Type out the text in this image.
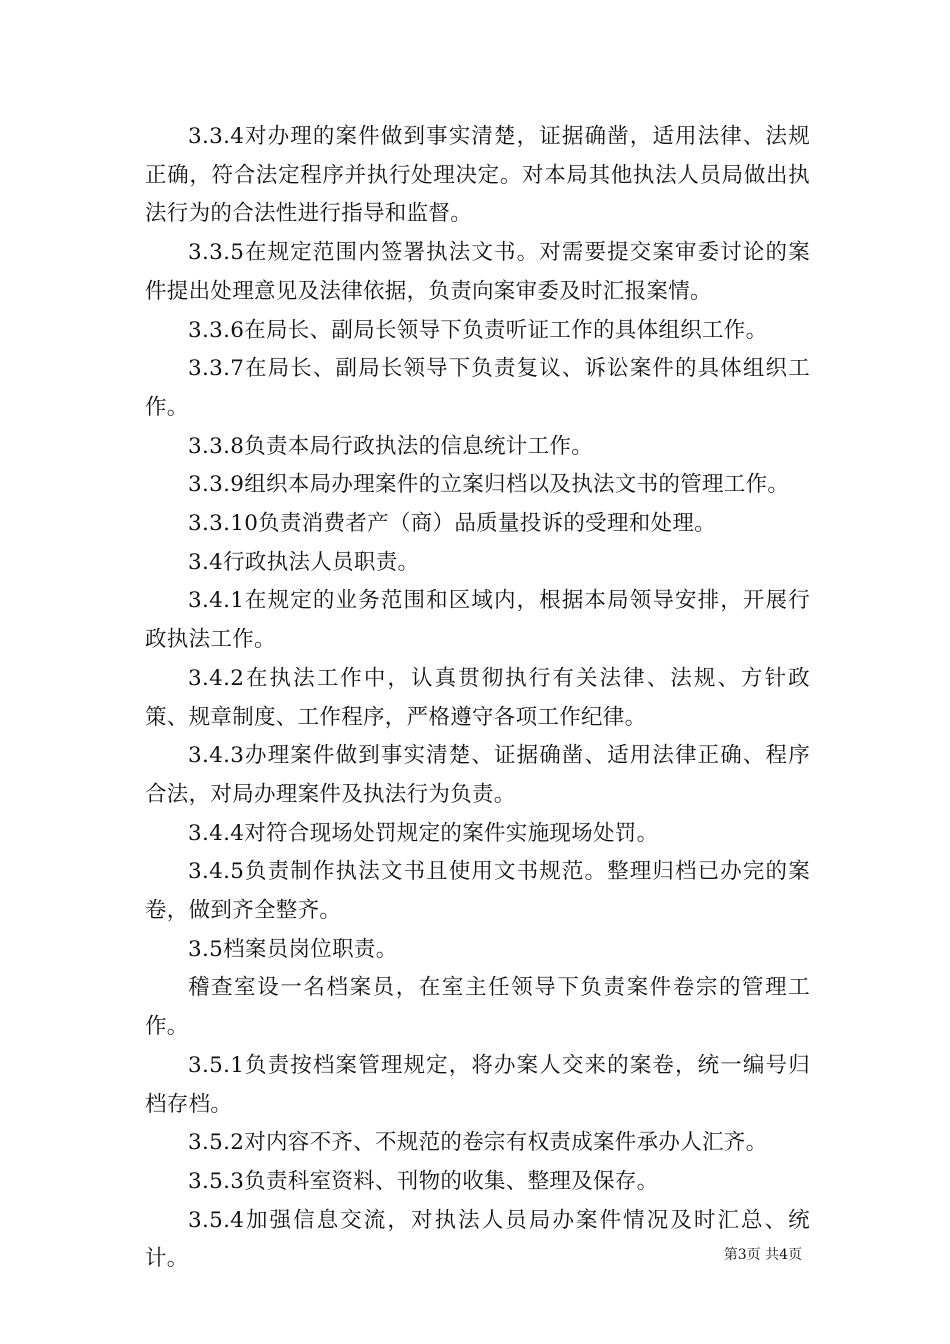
3.3.4对办理的案件做到事实清楚，证据确凿，适用法律、法规正确，符合法定程序并执行处理决定。对本局其他执法人员局做出执法行为的合法性进行指导和监督。

3.3.5在规定范围内签署执法文书。对需要提交案审委讨论的案件提出处理意见及法律依据，负责向案审委及时汇报案情。

3.3.6在局长、副局长领导下负责听证工作的具体组织工作。

3.3.7在局长、副局长领导下负责复议、诉讼案件的具体组织工作。

3.3.8负责本局行政执法的信息统计工作。

3.3.9组织本局办理案件的立案归档以及执法文书的管理工作。

3.3.10负责消费者产（商）品质量投诉的受理和处理。

3.4行政执法人员职责。

3.4.1在规定的业务范围和区域内，根据本局领导安排，开展行政执法工作。

3.4.2在执法工作中，认真贯彻执行有关法律、法规、方针政策、规章制度、工作程序，严格遵守各项工作纪律。

3.4.3办理案件做到事实清楚、证据确凿、适用法律正确、程序合法，对局办理案件及执法行为负责。

3.4.4对符合现场处罚规定的案件实施现场处罚。

3.4.5负责制作执法文书且使用文书规范。整理归档已办完的案卷，做到齐全整齐。

3.5档案员岗位职责。

稽查室设一名档案员，在室主任领导下负责案件卷宗的管理工作。

3.5.1负责按档案管理规定，将办案人交来的案卷，统一编号归档存档。

3.5.2对内容不齐、不规范的卷宗有权责成案件承办人汇齐。

3.5.3负责科室资料、刊物的收集、整理及保存。

3.5.4加强信息交流，对执法人员局办案件情况及时汇总、统计。	第3页 共4页
